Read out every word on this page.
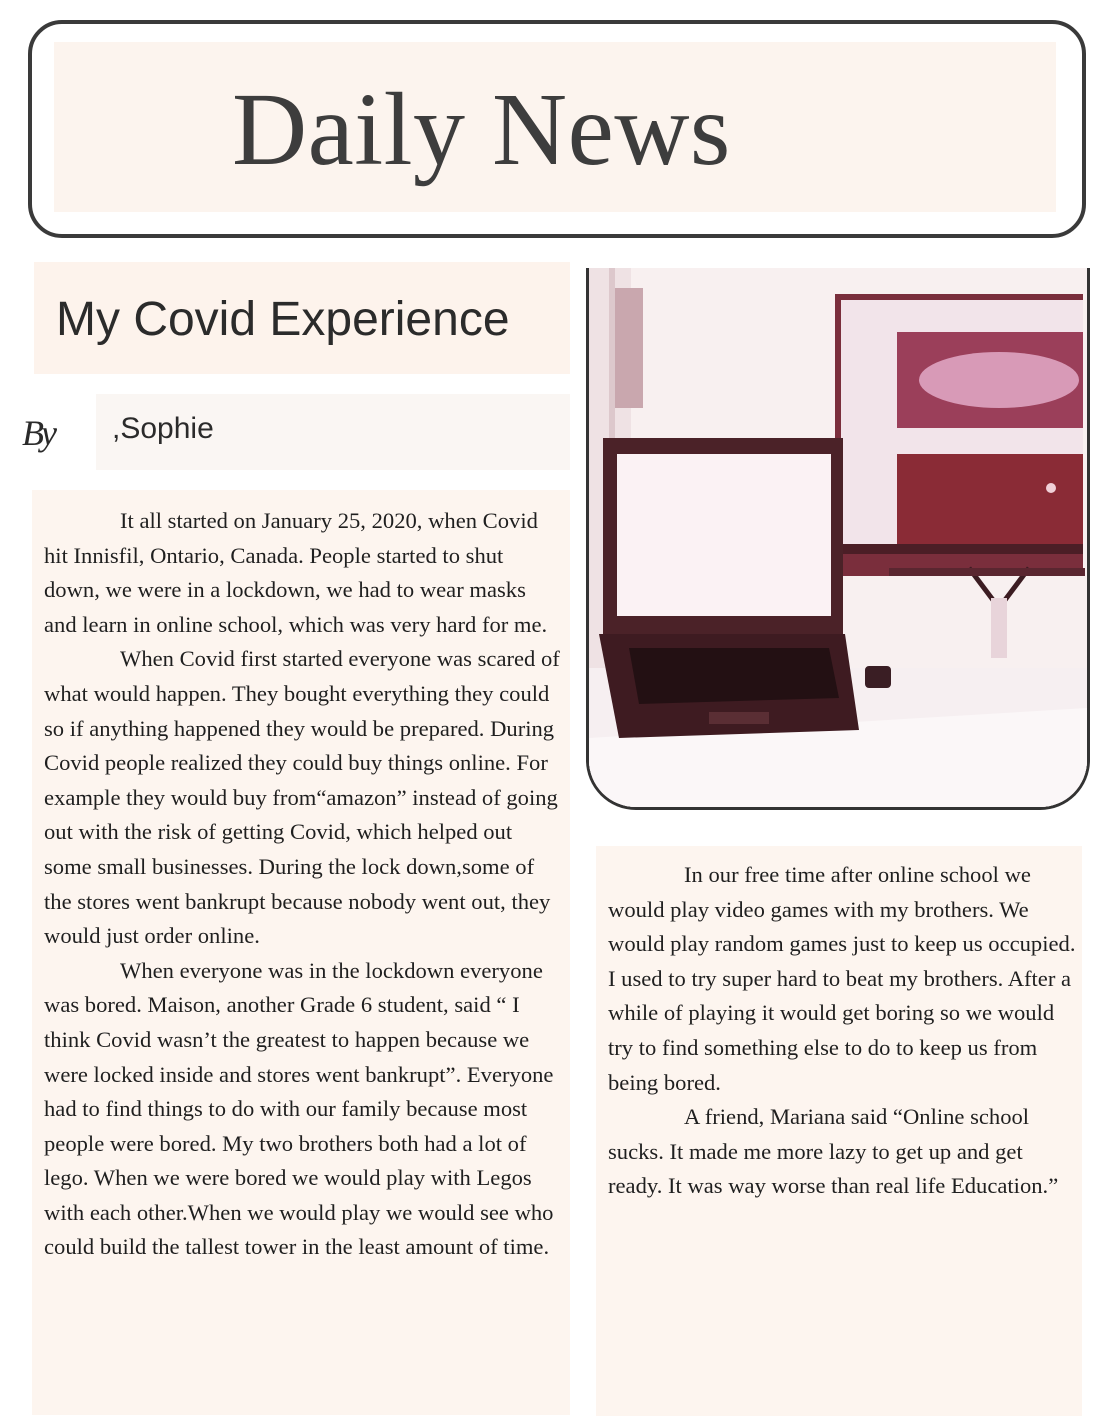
Daily News
My Covid Experience
By ,Sophie

It all started on January 25, 2020, when Covid hit Innisfil, Ontario, Canada. People started to shut down, we were in a lockdown, we had to wear masks and learn in online school, which was very hard for me.

When Covid first started everyone was scared of what would happen. They bought everything they could so if anything happened they would be prepared. During Covid people realized they could buy things online. For example they would buy from“amazon” instead of going out with the risk of getting Covid, which helped out some small businesses. During the lock down,some of the stores went bankrupt because nobody went out, they would just order online.

When everyone was in the lockdown everyone was bored. Maison, another Grade 6 student, said “ I think Covid wasn’t the greatest to happen because we were locked inside and stores went bankrupt”. Everyone had to find things to do with our family because most people were bored. My two brothers both had a lot of lego. When we were bored we would play with Legos with each other.When we would play we would see who could build the tallest tower in the least amount of time.

In our free time after online school we would play video games with my brothers. We would play random games just to keep us occupied. I used to try super hard to beat my brothers. After a while of playing it would get boring so we would try to find something else to do to keep us from being bored.

A friend, Mariana said “Online school sucks. It made me more lazy to get up and get ready. It was way worse than real life Education.”
